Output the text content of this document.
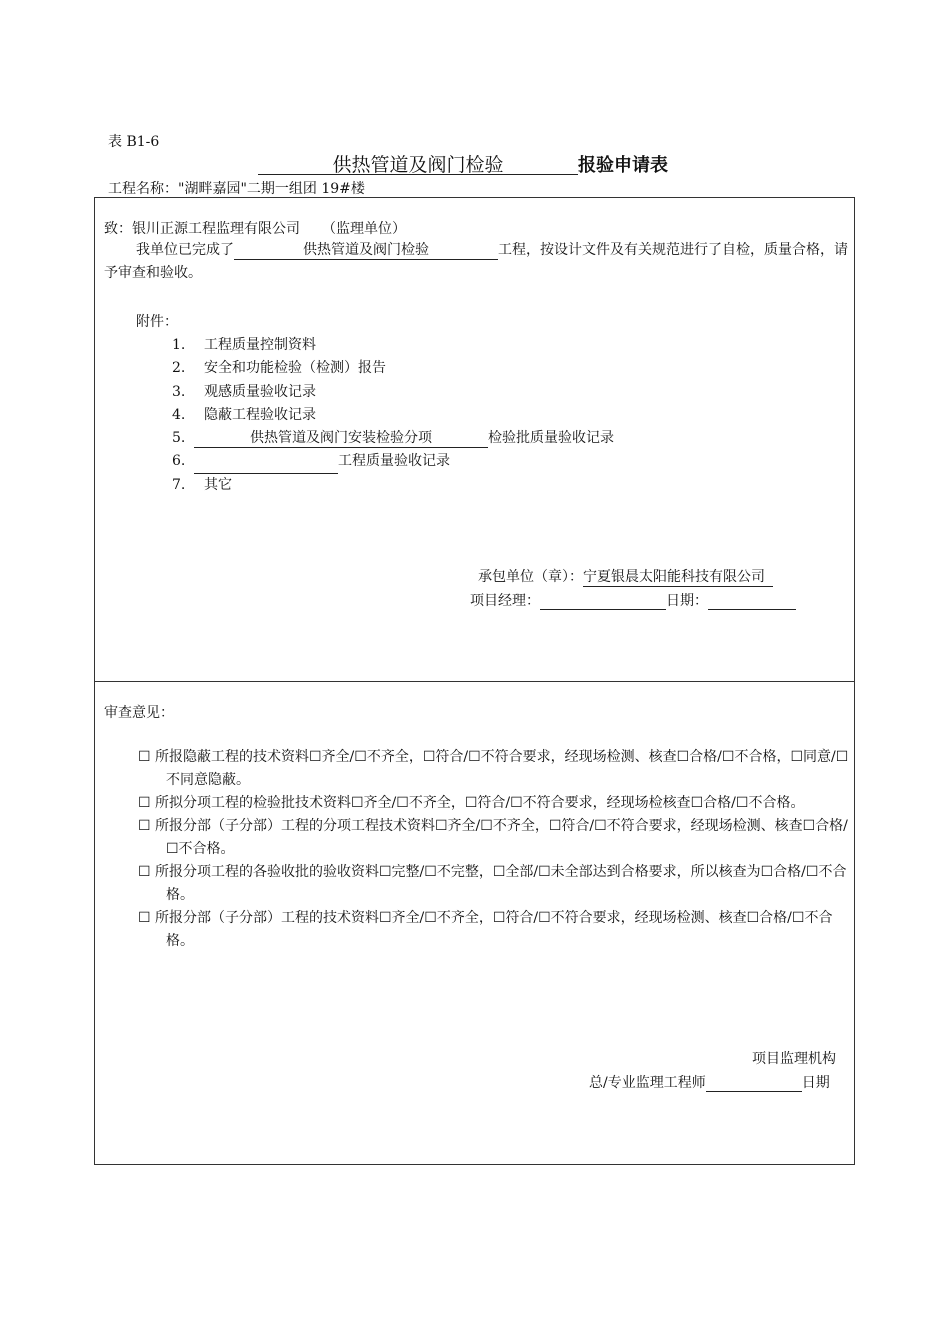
表 B1-6
供热管道及阀门检验	报验申请表
工程名称："湖畔嘉园"二期一组团 19#楼
致：银川正源工程监理有限公司 （监理单位）
我单位已完成了	供热管道及阀门检验	工程，按设计文件及有关规范进行了自检，质量合格，请予审查和验收。
附件：
1. 工程质量控制资料
2. 安全和功能检验（检测）报告
3. 观感质量验收记录
4. 隐蔽工程验收记录
5.	供热管道及阀门安装检验分项	检验批质量验收记录
6.	工程质量验收记录
7. 其它
承包单位（章）：宁夏银晨太阳能科技有限公司
项目经理：	日期：
审查意见：
☐ 所报隐蔽工程的技术资料☐齐全/☐不齐全，☐符合/☐不符合要求，经现场检测、核查☐合格/☐不合格，☐同意/☐不同意隐蔽。
☐ 所拟分项工程的检验批技术资料☐齐全/☐不齐全，☐符合/☐不符合要求，经现场检核查☐合格/☐不合格。
☐ 所报分部（子分部）工程的分项工程技术资料☐齐全/☐不齐全，☐符合/☐不符合要求，经现场检测、核查☐合格/☐不合格。
☐ 所报分项工程的各验收批的验收资料☐完整/☐不完整，☐全部/☐未全部达到合格要求，所以核查为☐合格/☐不合格。
☐ 所报分部（子分部）工程的技术资料☐齐全/☐不齐全，☐符合/☐不符合要求，经现场检测、核查☐合格/☐不合格。
项目监理机构
总/专业监理工程师	日期
